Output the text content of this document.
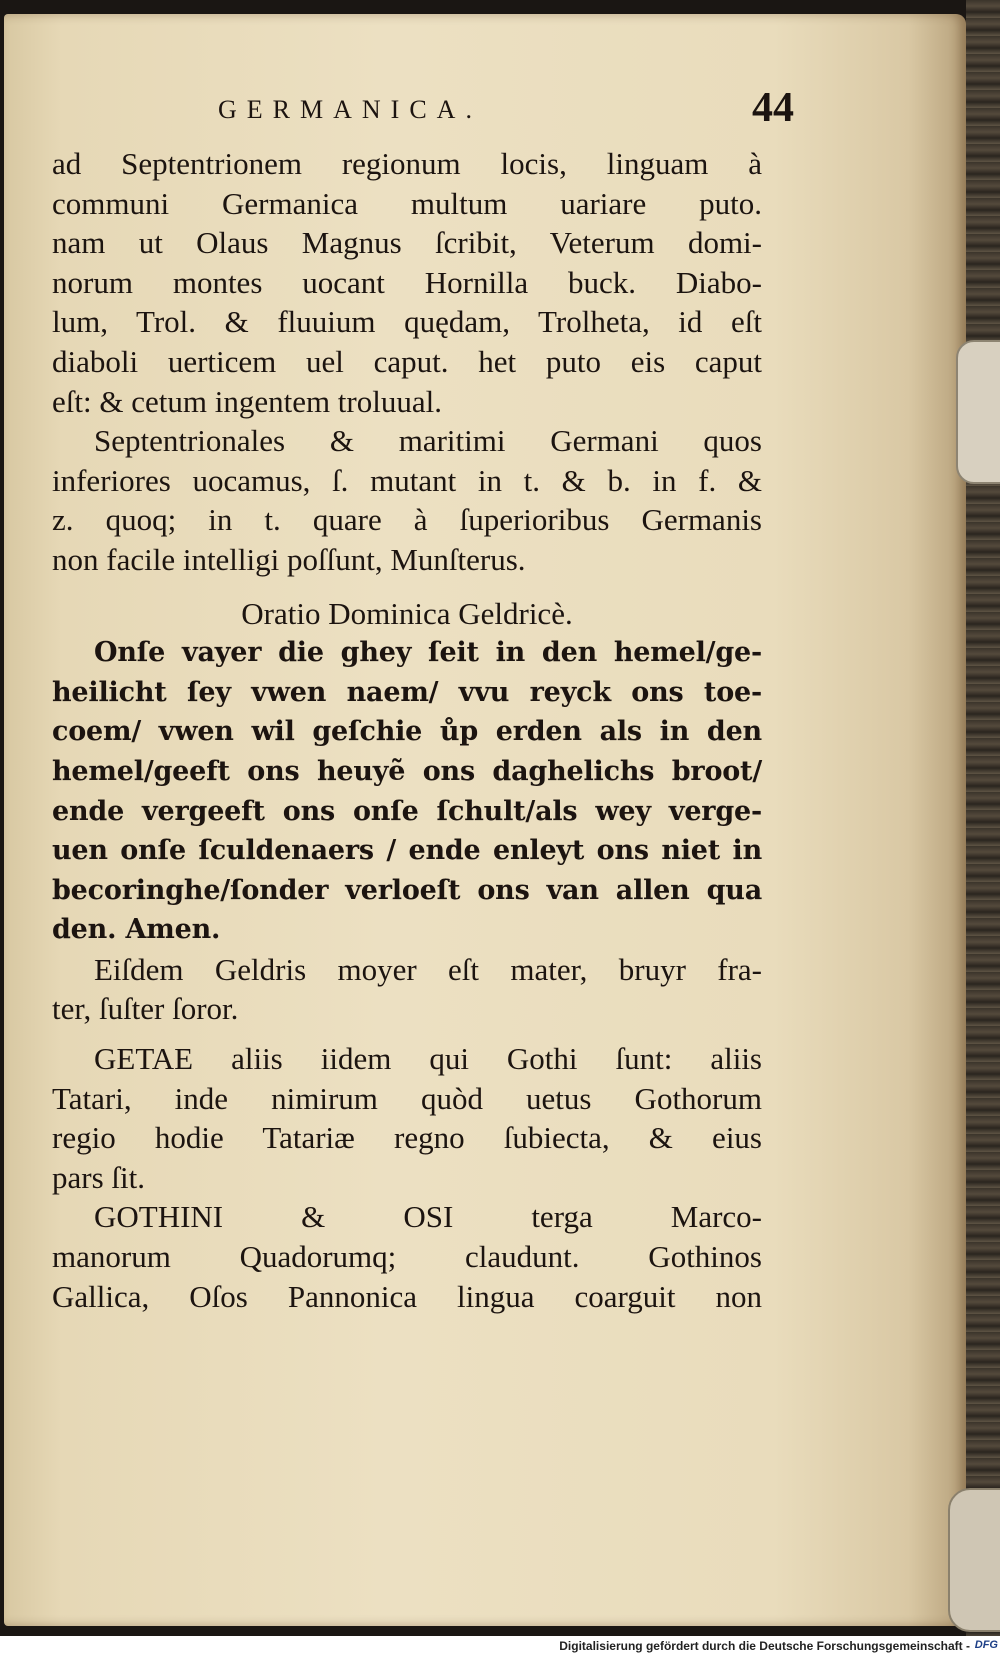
GERMANICA.	44
ad Septentrionem regionum locis, linguam à
communi Germanica multum uariare puto.
nam ut Olaus Magnus ſcribit, Veterum domi-
norum montes uocant Hornilla buck. Diabo-
lum, Trol. & fluuium quędam, Trolheta, id eſt
diaboli uerticem uel caput. het puto eis caput
eſt: & cetum ingentem troluual.
Septentrionales & maritimi Germani quos
inferiores uocamus, ſ. mutant in t. & b. in f. &
z. quoq; in t. quare à ſuperioribus Germanis
non facile intelligi poſſunt, Munſterus.
Oratio Dominica Geldricè.
Onſe vayer die ghey ſeit in den hemel/ge-
heilicht ſey vwen naem/ vvu reyck ons toe-
coem/ vwen wil geſchie ůp erden als in den
hemel/geeft ons heuyẽ ons daghelichs broot/
ende vergeeft ons onſe ſchult/als wey verge-
uen onſe ſculdenaers / ende enleyt ons niet in
becoringhe/ſonder verloeſt ons van allen qua
den. Amen.
Eiſdem Geldris moyer eſt mater, bruyr fra-
ter, ſuſter ſoror.
GETAE aliis iidem qui Gothi ſunt: aliis
Tatari, inde nimirum quòd uetus Gothorum
regio hodie Tatariæ regno ſubiecta, & eius
pars ſit.
GOTHINI & OSI terga Marco-
manorum Quadorumq; claudunt. Gothinos
Gallica, Oſos Pannonica lingua coarguit non
Digitalisierung gefördert durch die Deutsche Forschungsgemeinschaft - DFG
